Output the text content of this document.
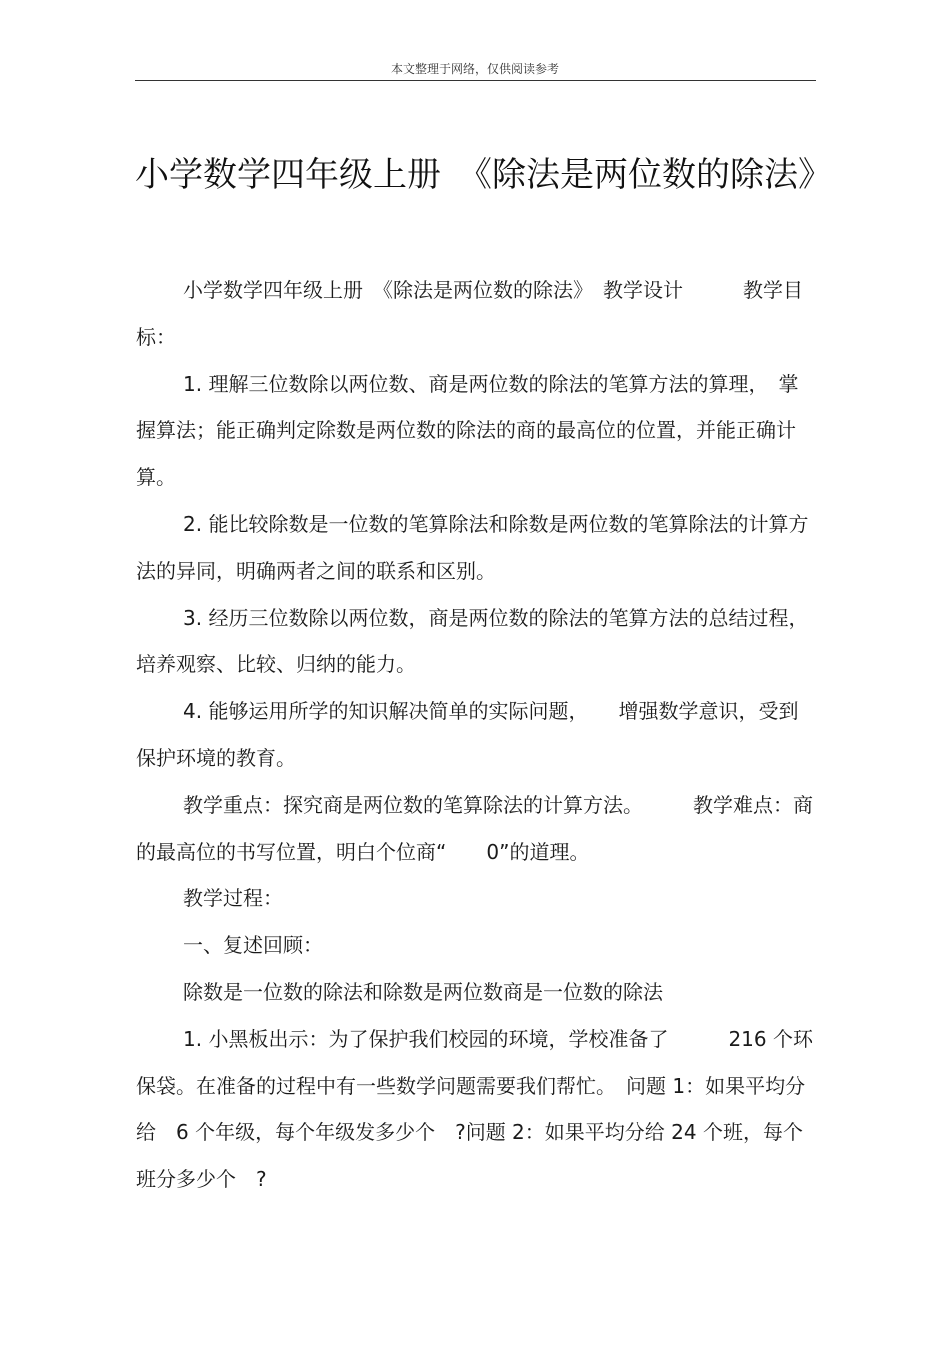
本文整理于网络，仅供阅读参考
小学数学四年级上册　《除法是两位数的除法》

小学数学四年级上册　《除法是两位数的除法》　教学设计　　　教学目标：

1. 理解三位数除以两位数、商是两位数的除法的笔算方法的算理，　掌握算法；能正确判定除数是两位数的除法的商的最高位的位置，并能正确计算。

2. 能比较除数是一位数的笔算除法和除数是两位数的笔算除法的计算方法的异同，明确两者之间的联系和区别。

3. 经历三位数除以两位数，商是两位数的除法的笔算方法的总结过程，培养观察、比较、归纳的能力。

4. 能够运用所学的知识解决简单的实际问题，　　增强数学意识，受到保护环境的教育。

教学重点：探究商是两位数的笔算除法的计算方法。　　　教学难点：商的最高位的书写位置，明白个位商“　　0”的道理。

教学过程：

一、复述回顾：

除数是一位数的除法和除数是两位数商是一位数的除法

1. 小黑板出示：为了保护我们校园的环境，学校准备了　　　216 个环保袋。在准备的过程中有一些数学问题需要我们帮忙。　问题 1：如果平均分给　6 个年级，每个年级发多少个　?问题 2：如果平均分给 24 个班，每个班分多少个　?
